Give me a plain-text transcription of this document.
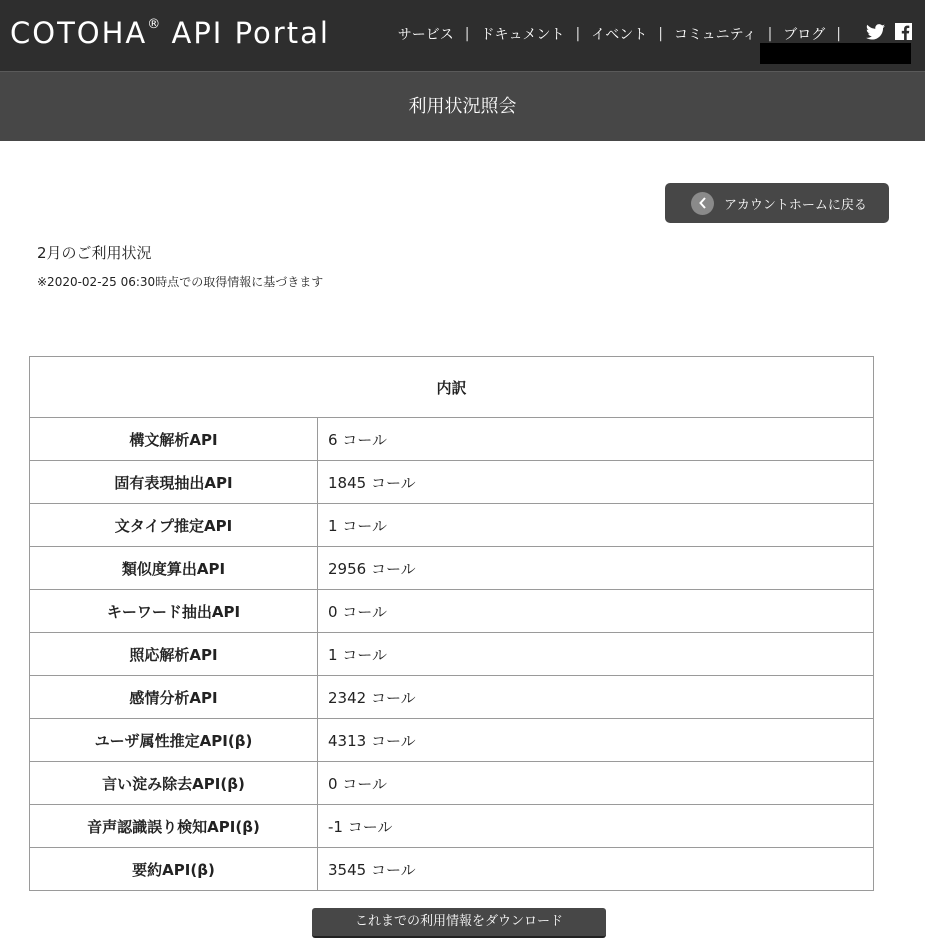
COTOHA® API Portal	サービス | ドキュメント | イベント | コミュニティ | ブログ |
利用状況照会
アカウントホームに戻る
2月のご利用状況
※2020-02-25 06:30時点での取得情報に基づきます
内訳	
構文解析API	6 コール
固有表現抽出API	1845 コール
文タイプ推定API	1 コール
類似度算出API	2956 コール
キーワード抽出API	0 コール
照応解析API	1 コール
感情分析API	2342 コール
ユーザ属性推定API(β)	4313 コール
言い淀み除去API(β)	0 コール
音声認識誤り検知API(β)	-1 コール
要約API(β)	3545 コール
これまでの利用情報をダウンロード
